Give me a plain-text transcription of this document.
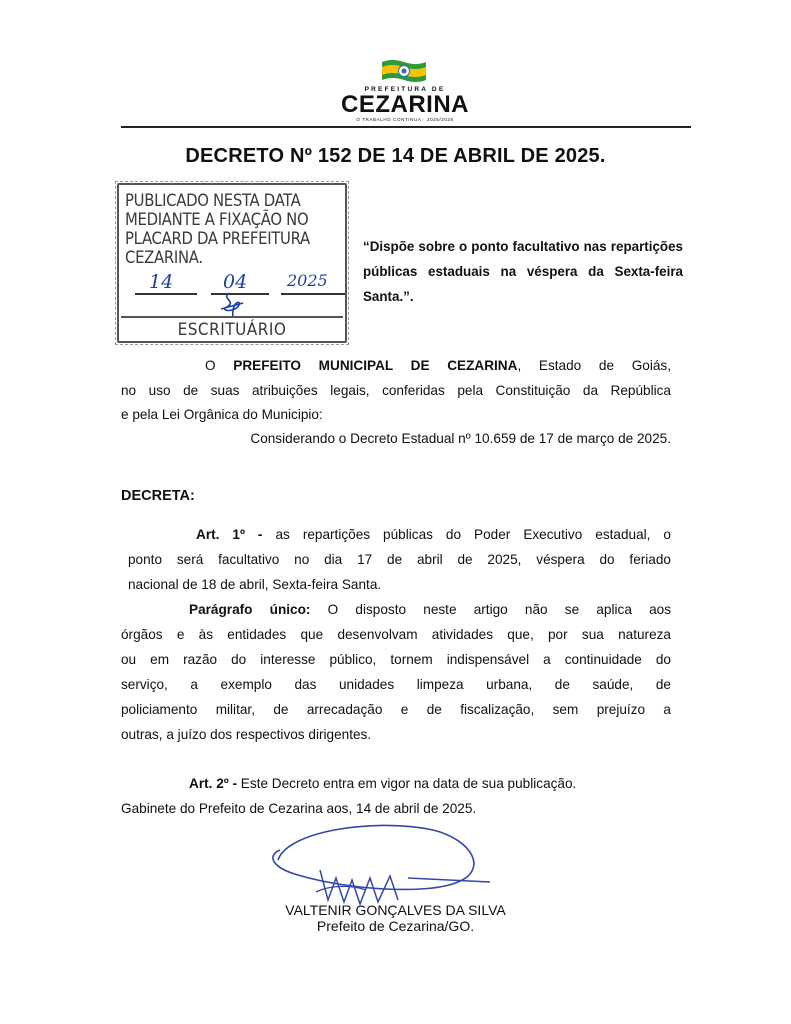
PREFEITURA DE
CEZARINA
O TRABALHO CONTINUA · 2025/2028
DECRETO Nº 152 DE 14 DE ABRIL DE 2025.
PUBLICADO NESTA DATA
MEDIANTE A FIXAÇÃO NO
PLACARD DA PREFEITURA
CEZARINA.
14	04 2025
ESCRITUÁRIO
“Dispõe sobre o ponto facultativo nas repartições públicas estaduais na véspera da Sexta-feira Santa.”.
O PREFEITO MUNICIPAL DE CEZARINA, Estado de Goiás,
no uso de suas atribuições legais, conferidas pela Constituição da República
e pela Lei Orgânica do Municipio:
Considerando o Decreto Estadual nº 10.659 de 17 de março de 2025.
DECRETA:
Art. 1º - as repartições públicas do Poder Executivo estadual, o
ponto será facultativo no dia 17 de abril de 2025, véspera do feriado
nacional de 18 de abril, Sexta-feira Santa.
Parágrafo único: O disposto neste artigo não se aplica aos
órgãos e às entidades que desenvolvam atividades que, por sua natureza
ou em razão do interesse público, tornem indispensável a continuidade do
serviço, a exemplo das unidades limpeza urbana, de saúde, de
policiamento militar, de arrecadação e de fiscalização, sem prejuízo a
outras, a juízo dos respectivos dirigentes.
Art. 2º - Este Decreto entra em vigor na data de sua publicação.
Gabinete do Prefeito de Cezarina aos, 14 de abril de 2025.
VALTENIR GONÇALVES DA SILVA
Prefeito de Cezarina/GO.
